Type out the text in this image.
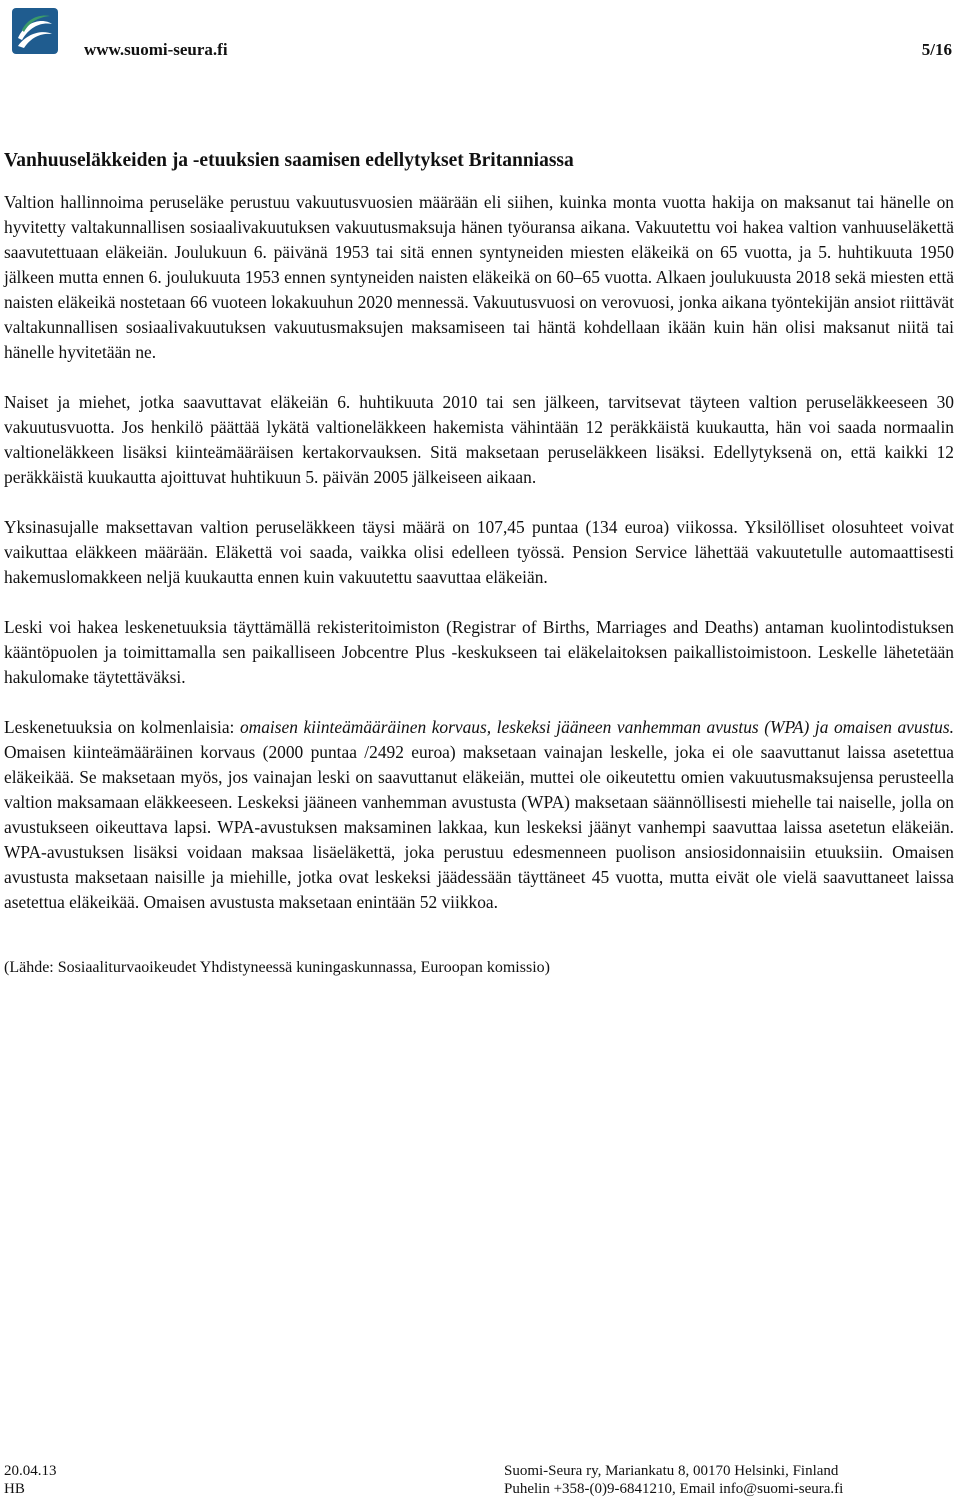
www.suomi-seura.fi	5/16
Vanhuuseläkkeiden ja -etuuksien saamisen edellytykset Britanniassa

Valtion hallinnoima peruseläke perustuu vakuutusvuosien määrään eli siihen, kuinka monta vuotta hakija on maksanut tai hänelle on hyvitetty valtakunnallisen sosiaalivakuutuksen vakuutusmaksuja hänen työuransa aikana. Vakuutettu voi hakea valtion vanhuuseläkettä saavutettuaan eläkeiän. Joulukuun 6. päivänä 1953 tai sitä ennen syntyneiden miesten eläkeikä on 65 vuotta, ja 5. huhtikuuta 1950 jälkeen mutta ennen 6. joulukuuta 1953 ennen syntyneiden naisten eläkeikä on 60–65 vuotta. Alkaen joulukuusta 2018 sekä miesten että naisten eläkeikä nostetaan 66 vuoteen lokakuuhun 2020 mennessä. Vakuutusvuosi on verovuosi, jonka aikana työntekijän ansiot riittävät valtakunnallisen sosiaalivakuutuksen vakuutusmaksujen maksamiseen tai häntä kohdellaan ikään kuin hän olisi maksanut niitä tai hänelle hyvitetään ne.

Naiset ja miehet, jotka saavuttavat eläkeiän 6. huhtikuuta 2010 tai sen jälkeen, tarvitsevat täyteen valtion peruseläkkeeseen 30 vakuutusvuotta. Jos henkilö päättää lykätä valtioneläkkeen hakemista vähintään 12 peräkkäistä kuukautta, hän voi saada normaalin valtioneläkkeen lisäksi kiinteämääräisen kertakorvauksen. Sitä maksetaan peruseläkkeen lisäksi. Edellytyksenä on, että kaikki 12 peräkkäistä kuukautta ajoittuvat huhtikuun 5. päivän 2005 jälkeiseen aikaan.

Yksinasujalle maksettavan valtion peruseläkkeen täysi määrä on 107,45 puntaa (134 euroa) viikossa. Yksilölliset olosuhteet voivat vaikuttaa eläkkeen määrään. Eläkettä voi saada, vaikka olisi edelleen työssä. Pension Service lähettää vakuutetulle automaattisesti hakemuslomakkeen neljä kuukautta ennen kuin vakuutettu saavuttaa eläkeiän.

Leski voi hakea leskenetuuksia täyttämällä rekisteritoimiston (Registrar of Births, Marriages and Deaths) antaman kuolintodistuksen kääntöpuolen ja toimittamalla sen paikalliseen Jobcentre Plus -keskukseen tai eläkelaitoksen paikallistoimistoon. Leskelle lähetetään hakulomake täytettäväksi.

Leskenetuuksia on kolmenlaisia: omaisen kiinteämääräinen korvaus, leskeksi jääneen vanhemman avustus (WPA) ja omaisen avustus. Omaisen kiinteämääräinen korvaus (2000 puntaa /2492 euroa) maksetaan vainajan leskelle, joka ei ole saavuttanut laissa asetettua eläkeikää. Se maksetaan myös, jos vainajan leski on saavuttanut eläkeiän, muttei ole oikeutettu omien vakuutusmaksujensa perusteella valtion maksamaan eläkkeeseen. Leskeksi jääneen vanhemman avustusta (WPA) maksetaan säännöllisesti miehelle tai naiselle, jolla on avustukseen oikeuttava lapsi. WPA-avustuksen maksaminen lakkaa, kun leskeksi jäänyt vanhempi saavuttaa laissa asetetun eläkeiän. WPA-avustuksen lisäksi voidaan maksaa lisäeläkettä, joka perustuu edesmenneen puolison ansiosidonnaisiin etuuksiin. Omaisen avustusta maksetaan naisille ja miehille, jotka ovat leskeksi jäädessään täyttäneet 45 vuotta, mutta eivät ole vielä saavuttaneet laissa asetettua eläkeikää. Omaisen avustusta maksetaan enintään 52 viikkoa.

(Lähde: Sosiaaliturvaoikeudet Yhdistyneessä kuningaskunnassa, Euroopan komissio)

20.04.13
HB
Suomi-Seura ry, Mariankatu 8, 00170 Helsinki, Finland
Puhelin +358-(0)9-6841210, Email info@suomi-seura.fi
